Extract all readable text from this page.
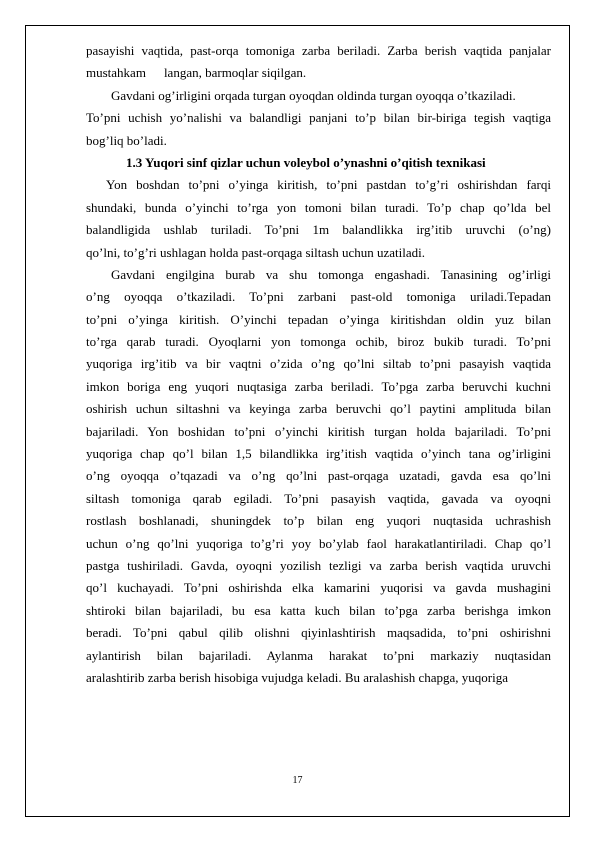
pasayishi vaqtida, past-orqa tomoniga zarba beriladi. Zarba berish vaqtida panjalar
mustahkam langan, barmoqlar siqilgan.
Gavdani og’irligini orqada turgan oyoqdan oldinda turgan oyoqqa o’tkaziladi.
To’pni uchish yo’nalishi va balandligi panjani to’p bilan bir-biriga tegish vaqtiga
bog’liq bo’ladi.
1.3 Yuqori sinf qizlar uchun voleybol o’ynashni o’qitish texnikasi
Yon boshdan to’pni o’yinga kiritish, to’pni pastdan to’g’ri oshirishdan farqi
shundaki, bunda o’yinchi to’rga yon tomoni bilan turadi. To’p chap qo’lda bel
balandligida ushlab turiladi. To’pni 1m balandlikka irg’itib uruvchi (o’ng)
qo’lni, to’g’ri ushlagan holda past-orqaga siltash uchun uzatiladi.
Gavdani engilgina burab va shu tomonga engashadi. Tanasining og’irligi
o’ng oyoqqa o’tkaziladi. To’pni zarbani past-old tomoniga uriladi.Tepadan
to’pni o’yinga kiritish. O’yinchi tepadan o’yinga kiritishdan oldin yuz bilan
to’rga qarab turadi. Oyoqlarni yon tomonga ochib, biroz bukib turadi. To’pni
yuqoriga irg’itib va bir vaqtni o’zida o’ng qo’lni siltab to’pni pasayish vaqtida
imkon boriga eng yuqori nuqtasiga zarba beriladi. To’pga zarba beruvchi kuchni
oshirish uchun siltashni va keyinga zarba beruvchi qo’l paytini amplituda bilan
bajariladi. Yon boshidan to’pni o’yinchi kiritish turgan holda bajariladi. To’pni
yuqoriga chap qo’l bilan 1,5 bilandlikka irg’itish vaqtida o’yinch tana og’irligini
o’ng oyoqqa o’tqazadi va o’ng qo’lni past-orqaga uzatadi, gavda esa qo’lni
siltash tomoniga qarab egiladi. To’pni pasayish vaqtida, gavada va oyoqni
rostlash boshlanadi, shuningdek to’p bilan eng yuqori nuqtasida uchrashish
uchun o’ng qo’lni yuqoriga to’g’ri yoy bo’ylab faol harakatlantiriladi. Chap qo’l
pastga tushiriladi. Gavda, oyoqni yozilish tezligi va zarba berish vaqtida uruvchi
qo’l kuchayadi. To’pni oshirishda elka kamarini yuqorisi va gavda mushagini
shtiroki bilan bajariladi, bu esa katta kuch bilan to’pga zarba berishga imkon
beradi. To’pni qabul qilib olishni qiyinlashtirish maqsadida, to’pni oshirishni
aylantirish bilan bajariladi. Aylanma harakat to’pni markaziy nuqtasidan
aralashtirib zarba berish hisobiga vujudga keladi. Bu aralashish chapga, yuqoriga
17
